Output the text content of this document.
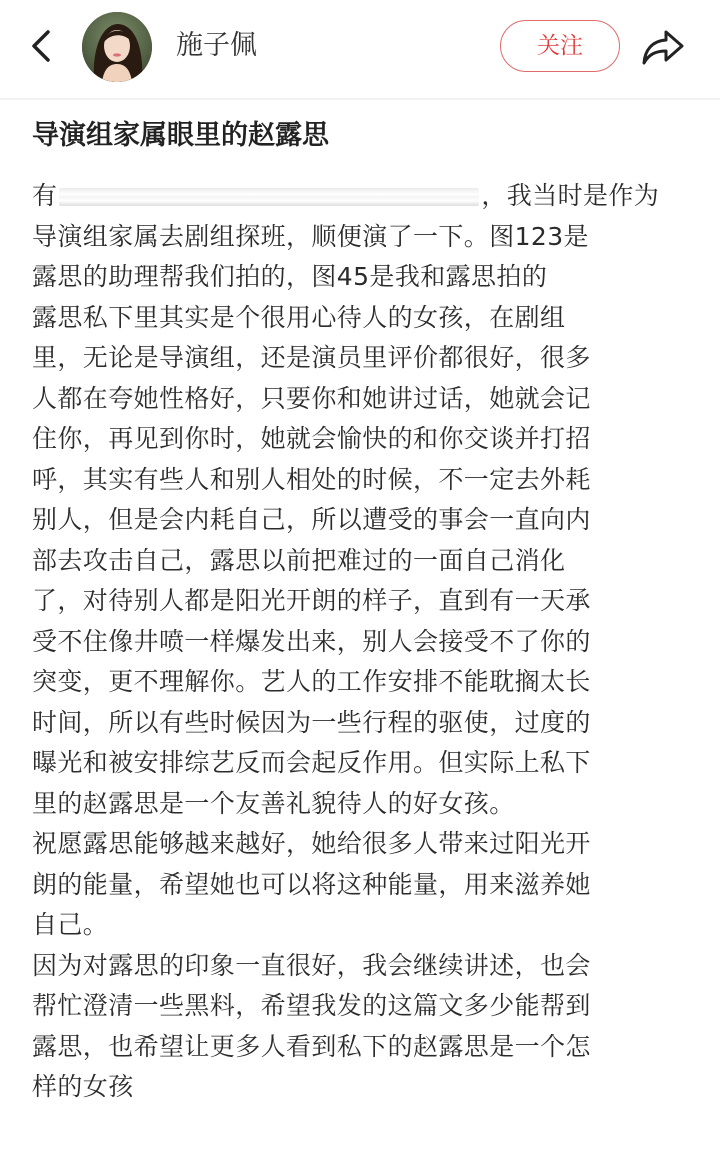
施子佩	关注
导演组家属眼里的赵露思
有	，我当时是作为
导演组家属去剧组探班，顺便演了一下。图123是
露思的助理帮我们拍的，图45是我和露思拍的
露思私下里其实是个很用心待人的女孩，在剧组
里，无论是导演组，还是演员里评价都很好，很多
人都在夸她性格好，只要你和她讲过话，她就会记
住你，再见到你时，她就会愉快的和你交谈并打招
呼，其实有些人和别人相处的时候，不一定去外耗
别人，但是会内耗自己，所以遭受的事会一直向内
部去攻击自己，露思以前把难过的一面自己消化
了，对待别人都是阳光开朗的样子，直到有一天承
受不住像井喷一样爆发出来，别人会接受不了你的
突变，更不理解你。艺人的工作安排不能耽搁太长
时间，所以有些时候因为一些行程的驱使，过度的
曝光和被安排综艺反而会起反作用。但实际上私下
里的赵露思是一个友善礼貌待人的好女孩。
祝愿露思能够越来越好，她给很多人带来过阳光开
朗的能量，希望她也可以将这种能量，用来滋养她
自己。
因为对露思的印象一直很好，我会继续讲述，也会
帮忙澄清一些黑料，希望我发的这篇文多少能帮到
露思，也希望让更多人看到私下的赵露思是一个怎
样的女孩
